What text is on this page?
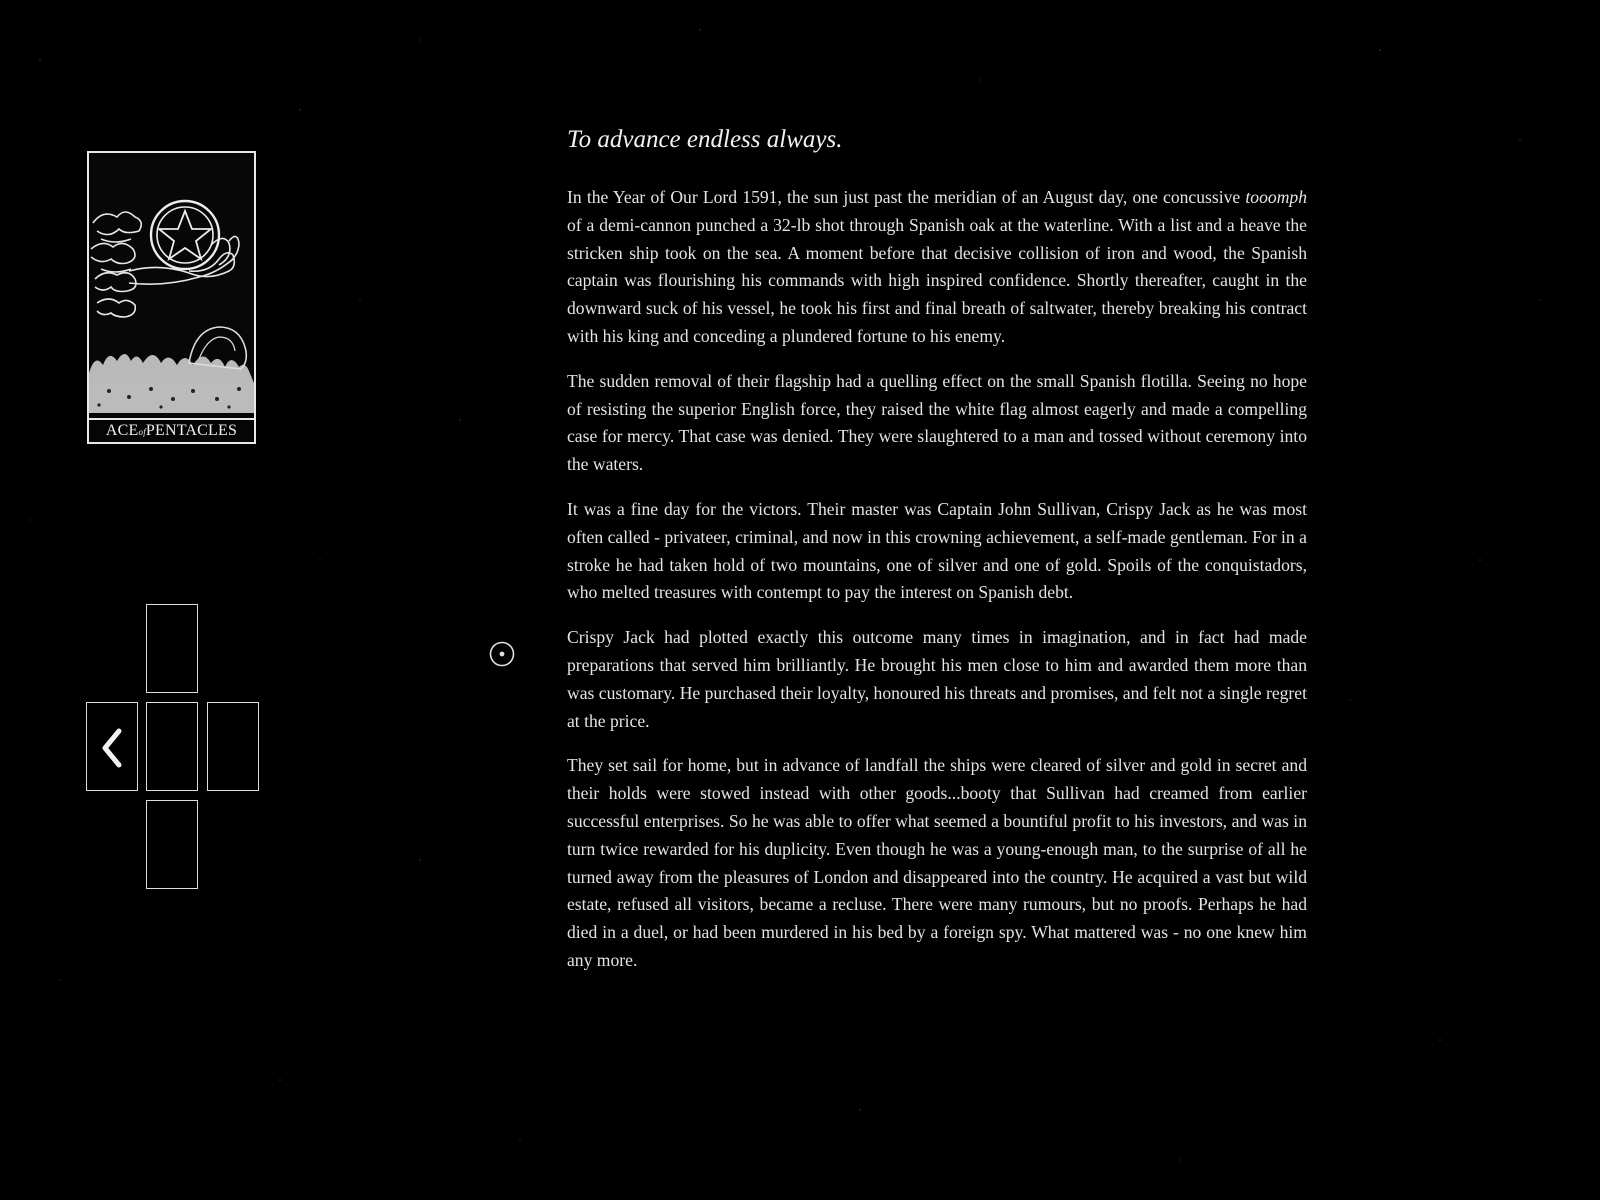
ACEofPENTACLES
To advance endless always.

In the Year of Our Lord 1591, the sun just past the meridian of an August day, one concussive tooomph of a demi-cannon punched a 32-lb shot through Spanish oak at the waterline. With a list and a heave the stricken ship took on the sea. A moment before that decisive collision of iron and wood, the Spanish captain was flourishing his commands with high inspired confidence. Shortly thereafter, caught in the downward suck of his vessel, he took his first and final breath of saltwater, thereby breaking his contract with his king and conceding a plundered fortune to his enemy.

The sudden removal of their flagship had a quelling effect on the small Spanish flotilla. Seeing no hope of resisting the superior English force, they raised the white flag almost eagerly and made a compelling case for mercy. That case was denied. They were slaughtered to a man and tossed without ceremony into the waters.

It was a fine day for the victors. Their master was Captain John Sullivan, Crispy Jack as he was most often called - privateer, criminal, and now in this crowning achievement, a self-made gentleman. For in a stroke he had taken hold of two mountains, one of silver and one of gold. Spoils of the conquistadors, who melted treasures with contempt to pay the interest on Spanish debt.

Crispy Jack had plotted exactly this outcome many times in imagination, and in fact had made preparations that served him brilliantly. He brought his men close to him and awarded them more than was customary. He purchased their loyalty, honoured his threats and promises, and felt not a single regret at the price.

They set sail for home, but in advance of landfall the ships were cleared of silver and gold in secret and their holds were stowed instead with other goods...booty that Sullivan had creamed from earlier successful enterprises. So he was able to offer what seemed a bountiful profit to his investors, and was in turn twice rewarded for his duplicity. Even though he was a young-enough man, to the surprise of all he turned away from the pleasures of London and disappeared into the country. He acquired a vast but wild estate, refused all visitors, became a recluse. There were many rumours, but no proofs. Perhaps he had died in a duel, or had been murdered in his bed by a foreign spy. What mattered was - no one knew him any more.
